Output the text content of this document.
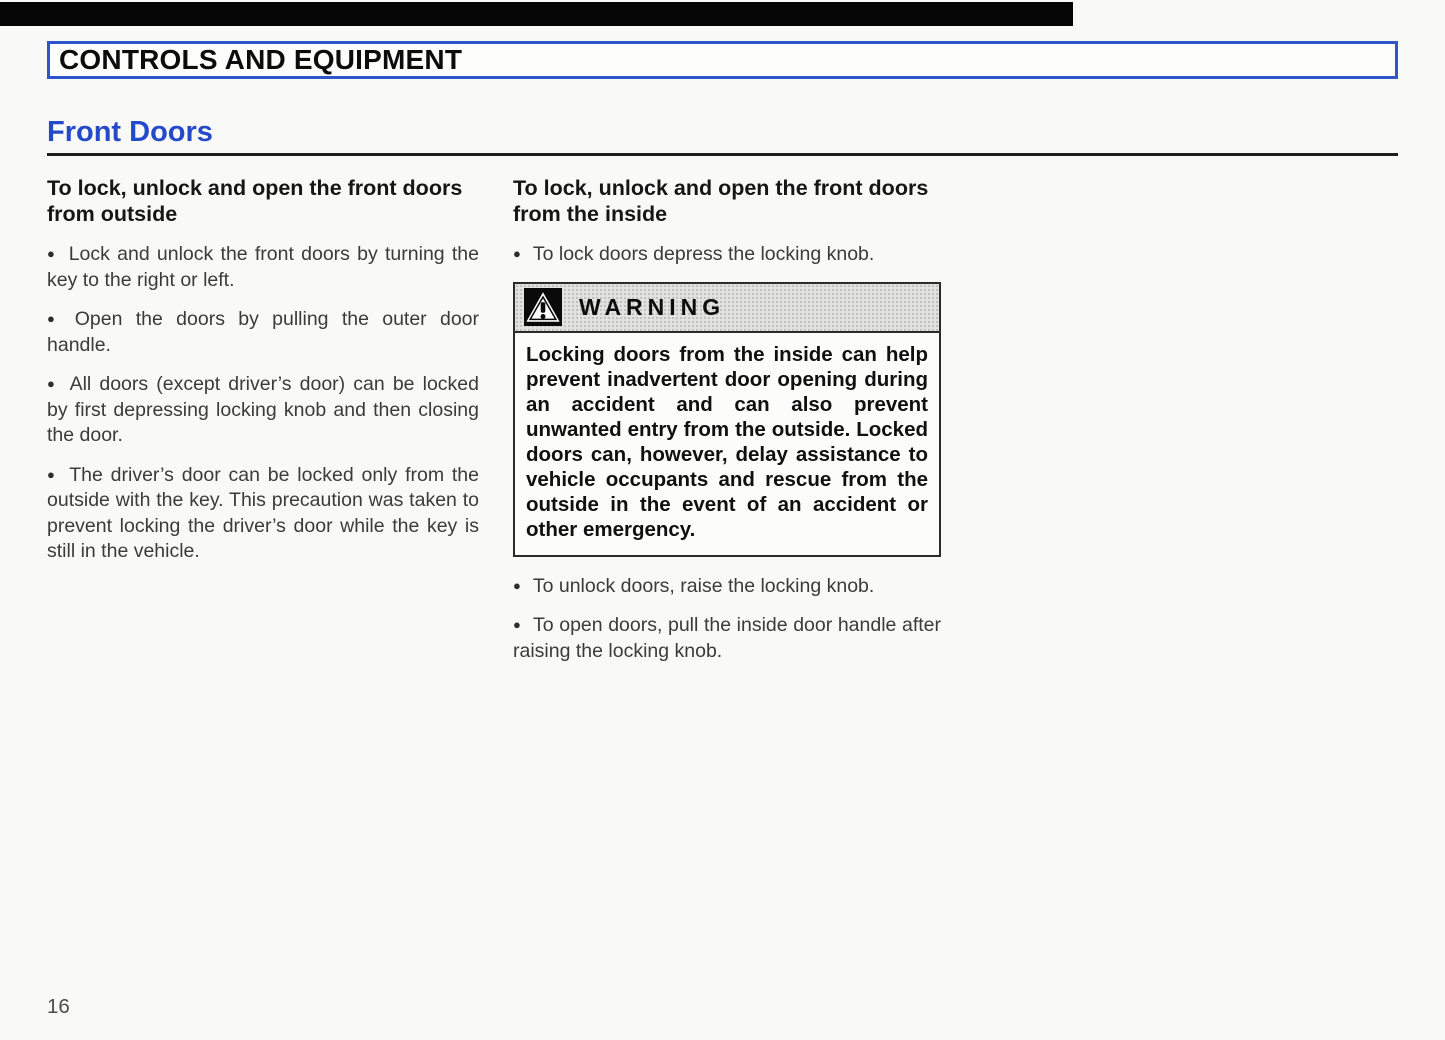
CONTROLS AND EQUIPMENT
Front Doors
To lock, unlock and open the front doors from outside

● Lock and unlock the front doors by turning the key to the right or left.

● Open the doors by pulling the outer door handle.

● All doors (except driver’s door) can be locked by first depressing locking knob and then closing the door.

● The driver’s door can be locked only from the outside with the key. This precaution was taken to prevent locking the driver’s door while the key is still in the vehicle.

To lock, unlock and open the front doors from the inside

● To lock doors depress the locking knob.

WARNING
Locking doors from the inside can help prevent inadvertent door opening during an accident and can also prevent unwanted entry from the outside. Locked doors can, however, delay assistance to vehicle occupants and rescue from the outside in the event of an accident or other emergency.

● To unlock doors, raise the locking knob.

● To open doors, pull the inside door handle after raising the locking knob.

16
